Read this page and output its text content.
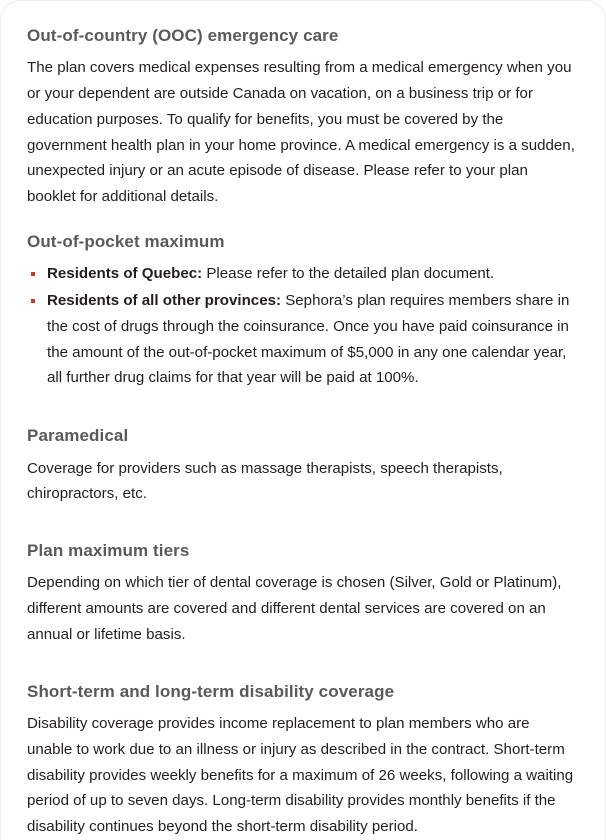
Out-of-country (OOC) emergency care

The plan covers medical expenses resulting from a medical emergency when you or your dependent are outside Canada on vacation, on a business trip or for education purposes. To qualify for benefits, you must be covered by the government health plan in your home province. A medical emergency is a sudden, unexpected injury or an acute episode of disease. Please refer to your plan booklet for additional details.

Out-of-pocket maximum
Residents of Quebec: Please refer to the detailed plan document.
Residents of all other provinces: Sephora’s plan requires members share in the cost of drugs through the coinsurance. Once you have paid coinsurance in the amount of the out-of-pocket maximum of $5,000 in any one calendar year, all further drug claims for that year will be paid at 100%.
Paramedical

Coverage for providers such as massage therapists, speech therapists, chiropractors, etc.

Plan maximum tiers

Depending on which tier of dental coverage is chosen (Silver, Gold or Platinum), different amounts are covered and different dental services are covered on an annual or lifetime basis.

Short-term and long-term disability coverage

Disability coverage provides income replacement to plan members who are unable to work due to an illness or injury as described in the contract. Short-term disability provides weekly benefits for a maximum of 26 weeks, following a waiting period of up to seven days. Long-term disability provides monthly benefits if the disability continues beyond the short-term disability period.
